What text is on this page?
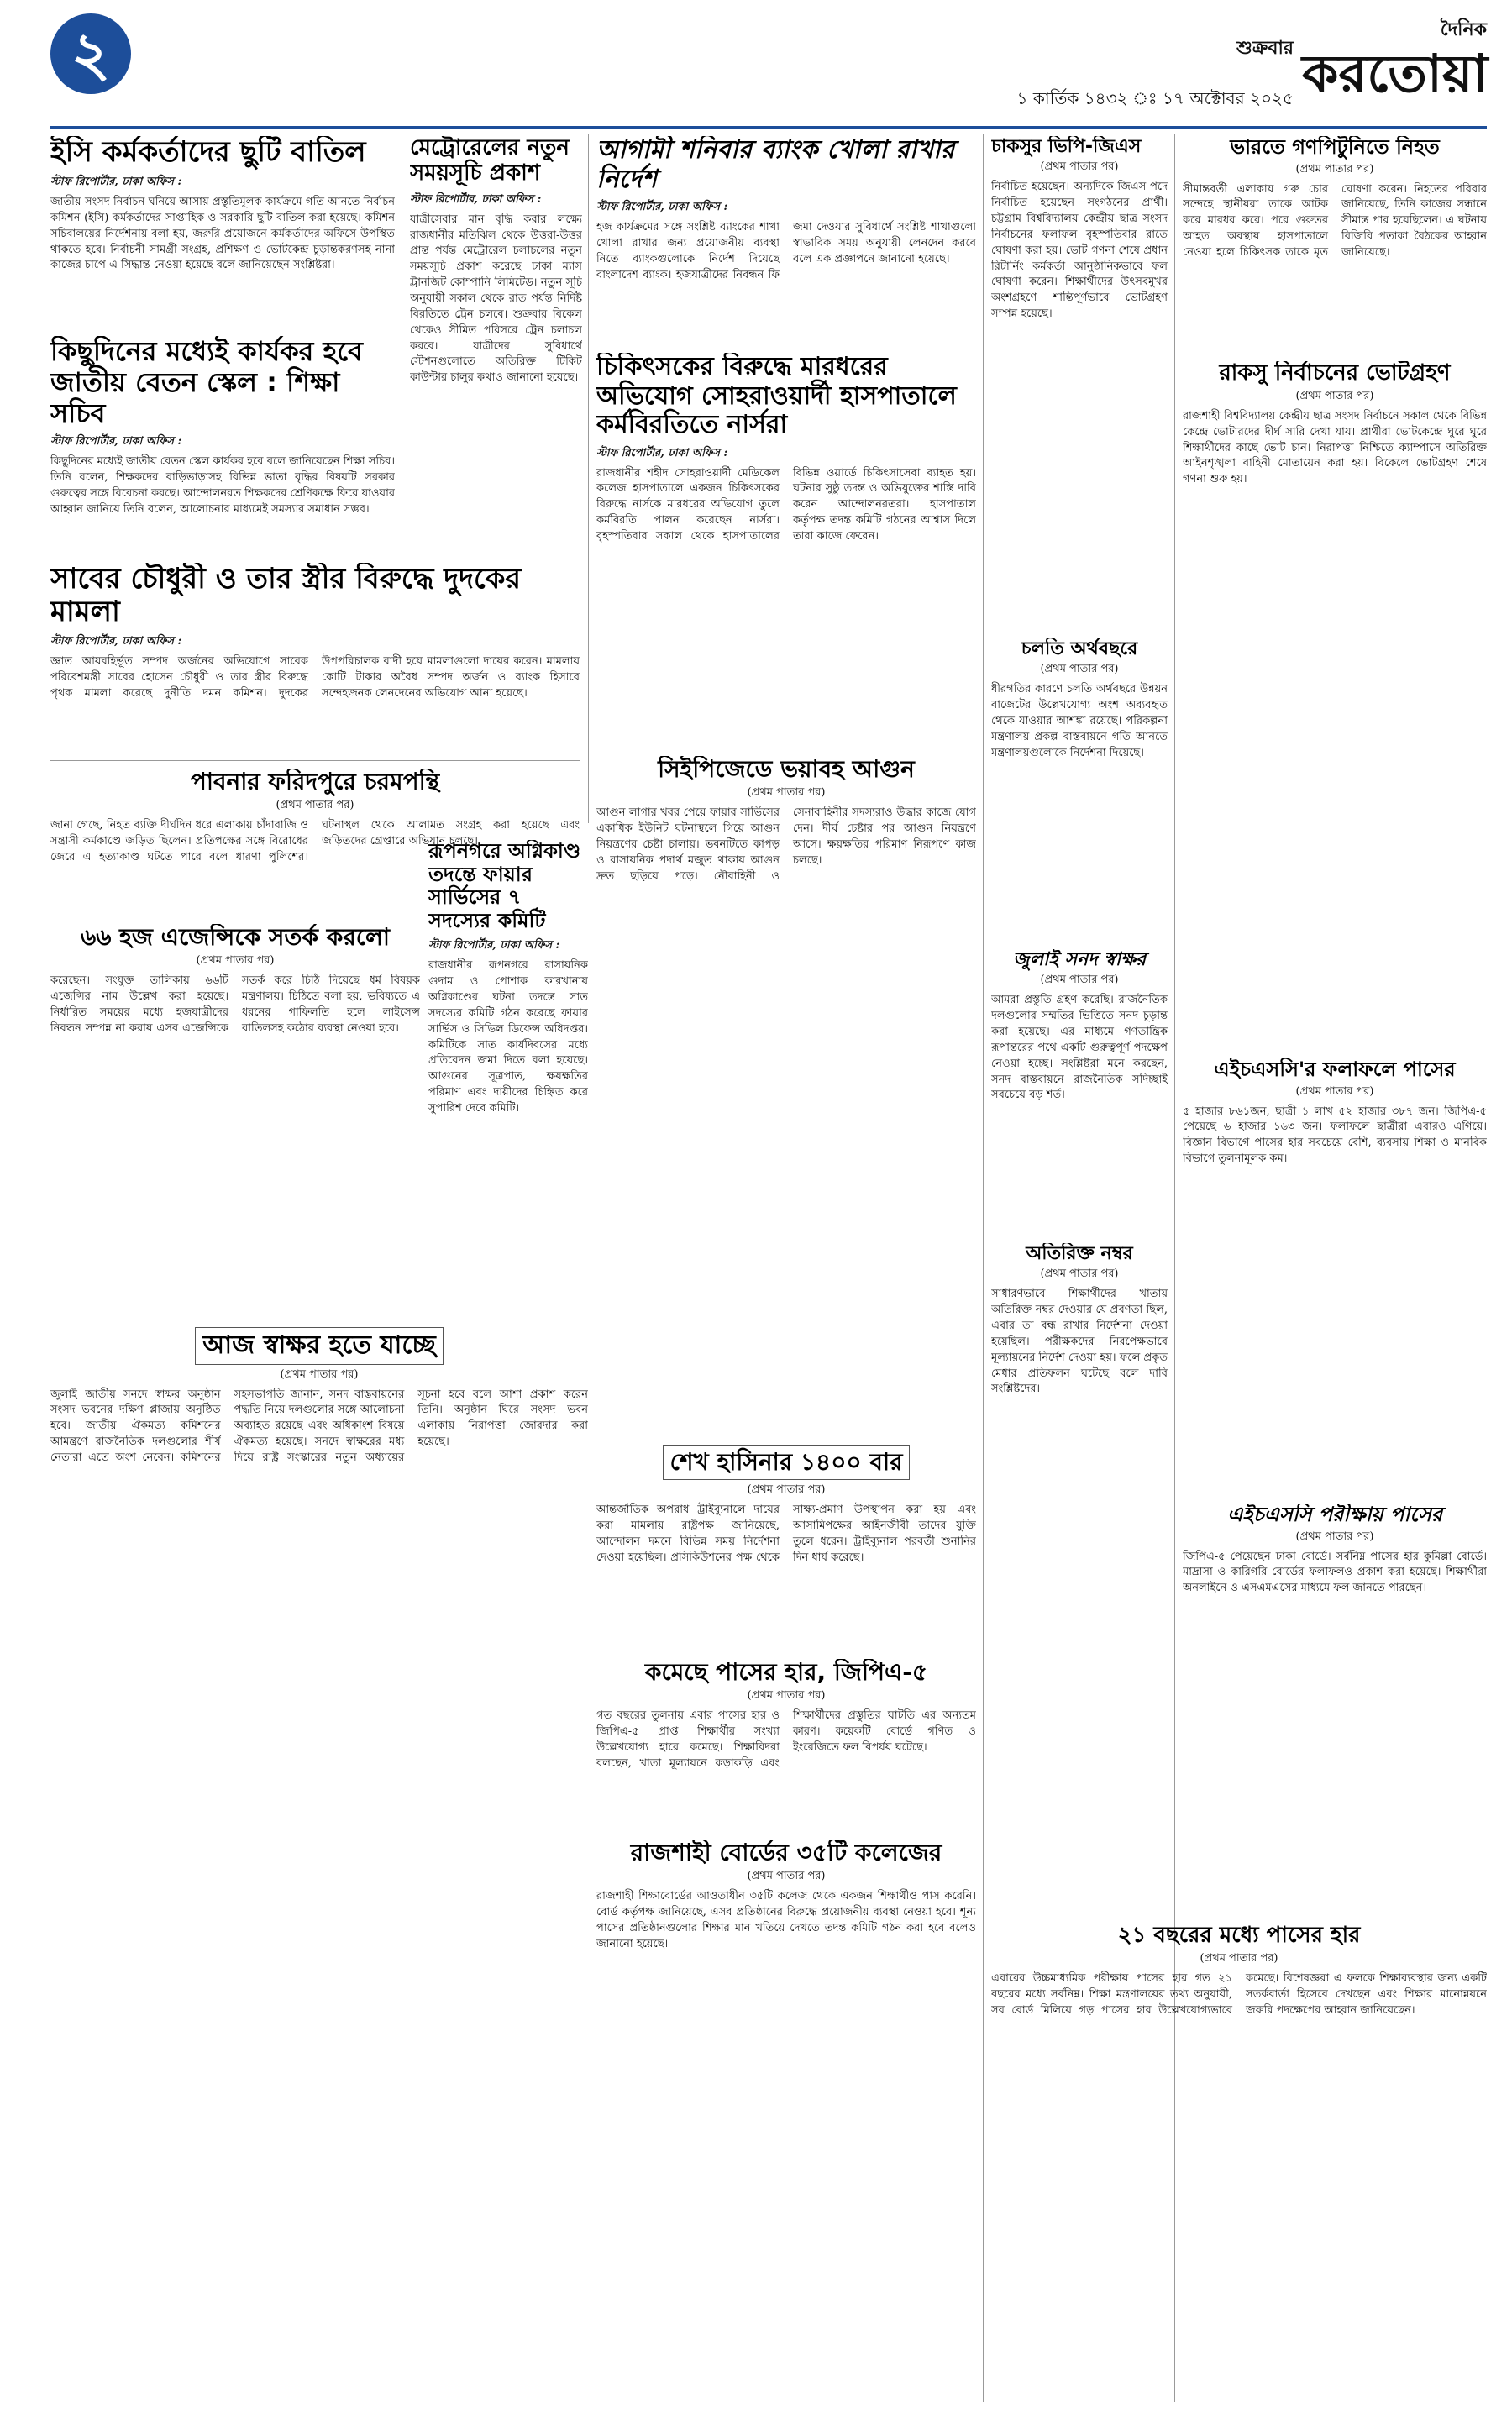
২	শুক্রবার
১ কার্তিক ১৪৩২ ঃ ১৭ অক্টোবর ২০২৫
দৈনিক
করতোয়া
ইসি কর্মকর্তাদের ছুটি বাতিল
স্টাফ রিপোর্টার, ঢাকা অফিস :

জাতীয় সংসদ নির্বাচন ঘনিয়ে আসায় প্রস্তুতিমূলক কার্যক্রমে গতি আনতে নির্বাচন কমিশন (ইসি) কর্মকর্তাদের সাপ্তাহিক ও সরকারি ছুটি বাতিল করা হয়েছে। কমিশন সচিবালয়ের নির্দেশনায় বলা হয়, জরুরি প্রয়োজনে কর্মকর্তাদের অফিসে উপস্থিত থাকতে হবে। নির্বাচনী সামগ্রী সংগ্রহ, প্রশিক্ষণ ও ভোটকেন্দ্র চূড়ান্তকরণসহ নানা কাজের চাপে এ সিদ্ধান্ত নেওয়া হয়েছে বলে জানিয়েছেন সংশ্লিষ্টরা।

মেট্রোরেলের নতুন সময়সূচি প্রকাশ
স্টাফ রিপোর্টার, ঢাকা অফিস :

যাত্রীসেবার মান বৃদ্ধি করার লক্ষ্যে রাজধানীর মতিঝিল থেকে উত্তরা-উত্তর প্রান্ত পর্যন্ত মেট্রোরেল চলাচলের নতুন সময়সূচি প্রকাশ করেছে ঢাকা ম্যাস ট্রানজিট কোম্পানি লিমিটেড। নতুন সূচি অনুযায়ী সকাল থেকে রাত পর্যন্ত নির্দিষ্ট বিরতিতে ট্রেন চলবে। শুক্রবার বিকেল থেকেও সীমিত পরিসরে ট্রেন চলাচল করবে। যাত্রীদের সুবিধার্থে স্টেশনগুলোতে অতিরিক্ত টিকিট কাউন্টার চালুর কথাও জানানো হয়েছে।

আগামী শনিবার ব্যাংক খোলা রাখার নির্দেশ
স্টাফ রিপোর্টার, ঢাকা অফিস :

হজ কার্যক্রমের সঙ্গে সংশ্লিষ্ট ব্যাংকের শাখা খোলা রাখার জন্য প্রয়োজনীয় ব্যবস্থা নিতে ব্যাংকগুলোকে নির্দেশ দিয়েছে বাংলাদেশ ব্যাংক। হজযাত্রীদের নিবন্ধন ফি জমা দেওয়ার সুবিধার্থে সংশ্লিষ্ট শাখাগুলো স্বাভাবিক সময় অনুযায়ী লেনদেন করবে বলে এক প্রজ্ঞাপনে জানানো হয়েছে।

চাকসুর ভিপি-জিএস
(প্রথম পাতার পর)

নির্বাচিত হয়েছেন। অন্যদিকে জিএস পদে নির্বাচিত হয়েছেন সংগঠনের প্রার্থী। চট্টগ্রাম বিশ্ববিদ্যালয় কেন্দ্রীয় ছাত্র সংসদ নির্বাচনের ফলাফল বৃহস্পতিবার রাতে ঘোষণা করা হয়। ভোট গণনা শেষে প্রধান রিটার্নিং কর্মকর্তা আনুষ্ঠানিকভাবে ফল ঘোষণা করেন। শিক্ষার্থীদের উৎসবমুখর অংশগ্রহণে শান্তিপূর্ণভাবে ভোটগ্রহণ সম্পন্ন হয়েছে।

ভারতে গণপিটুনিতে নিহত
(প্রথম পাতার পর)

সীমান্তবর্তী এলাকায় গরু চোর সন্দেহে স্থানীয়রা তাকে আটক করে মারধর করে। পরে গুরুতর আহত অবস্থায় হাসপাতালে নেওয়া হলে চিকিৎসক তাকে মৃত ঘোষণা করেন। নিহতের পরিবার জানিয়েছে, তিনি কাজের সন্ধানে সীমান্ত পার হয়েছিলেন। এ ঘটনায় বিজিবি পতাকা বৈঠকের আহ্বান জানিয়েছে।

রাকসু নির্বাচনের ভোটগ্রহণ
(প্রথম পাতার পর)

রাজশাহী বিশ্ববিদ্যালয় কেন্দ্রীয় ছাত্র সংসদ নির্বাচনে সকাল থেকে বিভিন্ন কেন্দ্রে ভোটারদের দীর্ঘ সারি দেখা যায়। প্রার্থীরা ভোটকেন্দ্রে ঘুরে ঘুরে শিক্ষার্থীদের কাছে ভোট চান। নিরাপত্তা নিশ্চিতে ক্যাম্পাসে অতিরিক্ত আইনশৃঙ্খলা বাহিনী মোতায়েন করা হয়। বিকেলে ভোটগ্রহণ শেষে গণনা শুরু হয়।

কিছুদিনের মধ্যেই কার্যকর হবে জাতীয় বেতন স্কেল : শিক্ষা সচিব
স্টাফ রিপোর্টার, ঢাকা অফিস :

কিছুদিনের মধ্যেই জাতীয় বেতন স্কেল কার্যকর হবে বলে জানিয়েছেন শিক্ষা সচিব। তিনি বলেন, শিক্ষকদের বাড়িভাড়াসহ বিভিন্ন ভাতা বৃদ্ধির বিষয়টি সরকার গুরুত্বের সঙ্গে বিবেচনা করছে। আন্দোলনরত শিক্ষকদের শ্রেণিকক্ষে ফিরে যাওয়ার আহ্বান জানিয়ে তিনি বলেন, আলোচনার মাধ্যমেই সমস্যার সমাধান সম্ভব।

সাবের চৌধুরী ও তার স্ত্রীর বিরুদ্ধে দুদকের মামলা
স্টাফ রিপোর্টার, ঢাকা অফিস :

জ্ঞাত আয়বহির্ভূত সম্পদ অর্জনের অভিযোগে সাবেক পরিবেশমন্ত্রী সাবের হোসেন চৌধুরী ও তার স্ত্রীর বিরুদ্ধে পৃথক মামলা করেছে দুর্নীতি দমন কমিশন। দুদকের উপপরিচালক বাদী হয়ে মামলাগুলো দায়ের করেন। মামলায় কোটি টাকার অবৈধ সম্পদ অর্জন ও ব্যাংক হিসাবে সন্দেহজনক লেনদেনের অভিযোগ আনা হয়েছে।

চিকিৎসকের বিরুদ্ধে মারধরের অভিযোগ সোহরাওয়ার্দী হাসপাতালে কর্মবিরতিতে নার্সরা
স্টাফ রিপোর্টার, ঢাকা অফিস :

রাজধানীর শহীদ সোহরাওয়ার্দী মেডিকেল কলেজ হাসপাতালে একজন চিকিৎসকের বিরুদ্ধে নার্সকে মারধরের অভিযোগ তুলে কর্মবিরতি পালন করেছেন নার্সরা। বৃহস্পতিবার সকাল থেকে হাসপাতালের বিভিন্ন ওয়ার্ডে চিকিৎসাসেবা ব্যাহত হয়। ঘটনার সুষ্ঠু তদন্ত ও অভিযুক্তের শাস্তি দাবি করেন আন্দোলনরতরা। হাসপাতাল কর্তৃপক্ষ তদন্ত কমিটি গঠনের আশ্বাস দিলে তারা কাজে ফেরেন।

পাবনার ফরিদপুরে চরমপন্থি
(প্রথম পাতার পর)

জানা গেছে, নিহত ব্যক্তি দীর্ঘদিন ধরে এলাকায় চাঁদাবাজি ও সন্ত্রাসী কর্মকাণ্ডে জড়িত ছিলেন। প্রতিপক্ষের সঙ্গে বিরোধের জেরে এ হত্যাকাণ্ড ঘটতে পারে বলে ধারণা পুলিশের। ঘটনাস্থল থেকে আলামত সংগ্রহ করা হয়েছে এবং জড়িতদের গ্রেপ্তারে অভিযান চলছে।

৬৬ হজ এজেন্সিকে সতর্ক করলো
(প্রথম পাতার পর)

করেছেন। সংযুক্ত তালিকায় ৬৬টি এজেন্সির নাম উল্লেখ করা হয়েছে। নির্ধারিত সময়ের মধ্যে হজযাত্রীদের নিবন্ধন সম্পন্ন না করায় এসব এজেন্সিকে সতর্ক করে চিঠি দিয়েছে ধর্ম বিষয়ক মন্ত্রণালয়। চিঠিতে বলা হয়, ভবিষ্যতে এ ধরনের গাফিলতি হলে লাইসেন্স বাতিলসহ কঠোর ব্যবস্থা নেওয়া হবে।

রূপনগরে অগ্নিকাণ্ড তদন্তে ফায়ার সার্ভিসের ৭ সদস্যের কমিটি
স্টাফ রিপোর্টার, ঢাকা অফিস :

রাজধানীর রূপনগরে রাসায়নিক গুদাম ও পোশাক কারখানায় অগ্নিকাণ্ডের ঘটনা তদন্তে সাত সদস্যের কমিটি গঠন করেছে ফায়ার সার্ভিস ও সিভিল ডিফেন্স অধিদপ্তর। কমিটিকে সাত কার্যদিবসের মধ্যে প্রতিবেদন জমা দিতে বলা হয়েছে। আগুনের সূত্রপাত, ক্ষয়ক্ষতির পরিমাণ এবং দায়ীদের চিহ্নিত করে সুপারিশ দেবে কমিটি।

সিইপিজেডে ভয়াবহ আগুন
(প্রথম পাতার পর)

আগুন লাগার খবর পেয়ে ফায়ার সার্ভিসের একাধিক ইউনিট ঘটনাস্থলে গিয়ে আগুন নিয়ন্ত্রণের চেষ্টা চালায়। ভবনটিতে কাপড় ও রাসায়নিক পদার্থ মজুত থাকায় আগুন দ্রুত ছড়িয়ে পড়ে। নৌবাহিনী ও সেনাবাহিনীর সদস্যরাও উদ্ধার কাজে যোগ দেন। দীর্ঘ চেষ্টার পর আগুন নিয়ন্ত্রণে আসে। ক্ষয়ক্ষতির পরিমাণ নিরূপণে কাজ চলছে।

আজ স্বাক্ষর হতে যাচ্ছে
(প্রথম পাতার পর)

জুলাই জাতীয় সনদে স্বাক্ষর অনুষ্ঠান সংসদ ভবনের দক্ষিণ প্লাজায় অনুষ্ঠিত হবে। জাতীয় ঐকমত্য কমিশনের আমন্ত্রণে রাজনৈতিক দলগুলোর শীর্ষ নেতারা এতে অংশ নেবেন। কমিশনের সহসভাপতি জানান, সনদ বাস্তবায়নের পদ্ধতি নিয়ে দলগুলোর সঙ্গে আলোচনা অব্যাহত রয়েছে এবং অধিকাংশ বিষয়ে ঐকমত্য হয়েছে। সনদে স্বাক্ষরের মধ্য দিয়ে রাষ্ট্র সংস্কারের নতুন অধ্যায়ের সূচনা হবে বলে আশা প্রকাশ করেন তিনি। অনুষ্ঠান ঘিরে সংসদ ভবন এলাকায় নিরাপত্তা জোরদার করা হয়েছে।

শেখ হাসিনার ১৪০০ বার
(প্রথম পাতার পর)

আন্তর্জাতিক অপরাধ ট্রাইব্যুনালে দায়ের করা মামলায় রাষ্ট্রপক্ষ জানিয়েছে, আন্দোলন দমনে বিভিন্ন সময় নির্দেশনা দেওয়া হয়েছিল। প্রসিকিউশনের পক্ষ থেকে সাক্ষ্য-প্রমাণ উপস্থাপন করা হয় এবং আসামিপক্ষের আইনজীবী তাদের যুক্তি তুলে ধরেন। ট্রাইব্যুনাল পরবর্তী শুনানির দিন ধার্য করেছে।

কমেছে পাসের হার, জিপিএ-৫
(প্রথম পাতার পর)

গত বছরের তুলনায় এবার পাসের হার ও জিপিএ-৫ প্রাপ্ত শিক্ষার্থীর সংখ্যা উল্লেখযোগ্য হারে কমেছে। শিক্ষাবিদরা বলছেন, খাতা মূল্যায়নে কড়াকড়ি এবং শিক্ষার্থীদের প্রস্তুতির ঘাটতি এর অন্যতম কারণ। কয়েকটি বোর্ডে গণিত ও ইংরেজিতে ফল বিপর্যয় ঘটেছে।

রাজশাহী বোর্ডের ৩৫টি কলেজের
(প্রথম পাতার পর)

রাজশাহী শিক্ষাবোর্ডের আওতাধীন ৩৫টি কলেজ থেকে একজন শিক্ষার্থীও পাস করেনি। বোর্ড কর্তৃপক্ষ জানিয়েছে, এসব প্রতিষ্ঠানের বিরুদ্ধে প্রয়োজনীয় ব্যবস্থা নেওয়া হবে। শূন্য পাসের প্রতিষ্ঠানগুলোর শিক্ষার মান খতিয়ে দেখতে তদন্ত কমিটি গঠন করা হবে বলেও জানানো হয়েছে।

চলতি অর্থবছরে
(প্রথম পাতার পর)

ধীরগতির কারণে চলতি অর্থবছরে উন্নয়ন বাজেটের উল্লেখযোগ্য অংশ অব্যবহৃত থেকে যাওয়ার আশঙ্কা রয়েছে। পরিকল্পনা মন্ত্রণালয় প্রকল্প বাস্তবায়নে গতি আনতে মন্ত্রণালয়গুলোকে নির্দেশনা দিয়েছে।

জুলাই সনদ স্বাক্ষর
(প্রথম পাতার পর)

আমরা প্রস্তুতি গ্রহণ করেছি। রাজনৈতিক দলগুলোর সম্মতির ভিত্তিতে সনদ চূড়ান্ত করা হয়েছে। এর মাধ্যমে গণতান্ত্রিক রূপান্তরের পথে একটি গুরুত্বপূর্ণ পদক্ষেপ নেওয়া হচ্ছে। সংশ্লিষ্টরা মনে করছেন, সনদ বাস্তবায়নে রাজনৈতিক সদিচ্ছাই সবচেয়ে বড় শর্ত।

অতিরিক্ত নম্বর
(প্রথম পাতার পর)

সাধারণভাবে শিক্ষার্থীদের খাতায় অতিরিক্ত নম্বর দেওয়ার যে প্রবণতা ছিল, এবার তা বন্ধ রাখার নির্দেশনা দেওয়া হয়েছিল। পরীক্ষকদের নিরপেক্ষভাবে মূল্যায়নের নির্দেশ দেওয়া হয়। ফলে প্রকৃত মেধার প্রতিফলন ঘটেছে বলে দাবি সংশ্লিষ্টদের।

এইচএসসি'র ফলাফলে পাসের
(প্রথম পাতার পর)

৫ হাজার ৮৬১জন, ছাত্রী ১ লাখ ৫২ হাজার ৩৮৭ জন। জিপিএ-৫ পেয়েছে ৬ হাজার ১৬৩ জন। ফলাফলে ছাত্রীরা এবারও এগিয়ে। বিজ্ঞান বিভাগে পাসের হার সবচেয়ে বেশি, ব্যবসায় শিক্ষা ও মানবিক বিভাগে তুলনামূলক কম।

এইচএসসি পরীক্ষায় পাসের
(প্রথম পাতার পর)

জিপিএ-৫ পেয়েছেন ঢাকা বোর্ডে। সর্বনিম্ন পাসের হার কুমিল্লা বোর্ডে। মাদ্রাসা ও কারিগরি বোর্ডের ফলাফলও প্রকাশ করা হয়েছে। শিক্ষার্থীরা অনলাইনে ও এসএমএসের মাধ্যমে ফল জানতে পারছেন।

২১ বছরের মধ্যে পাসের হার
(প্রথম পাতার পর)

এবারের উচ্চমাধ্যমিক পরীক্ষায় পাসের হার গত ২১ বছরের মধ্যে সর্বনিম্ন। শিক্ষা মন্ত্রণালয়ের তথ্য অনুযায়ী, সব বোর্ড মিলিয়ে গড় পাসের হার উল্লেখযোগ্যভাবে কমেছে। বিশেষজ্ঞরা এ ফলকে শিক্ষাব্যবস্থার জন্য একটি সতর্কবার্তা হিসেবে দেখছেন এবং শিক্ষার মানোন্নয়নে জরুরি পদক্ষেপের আহ্বান জানিয়েছেন।
